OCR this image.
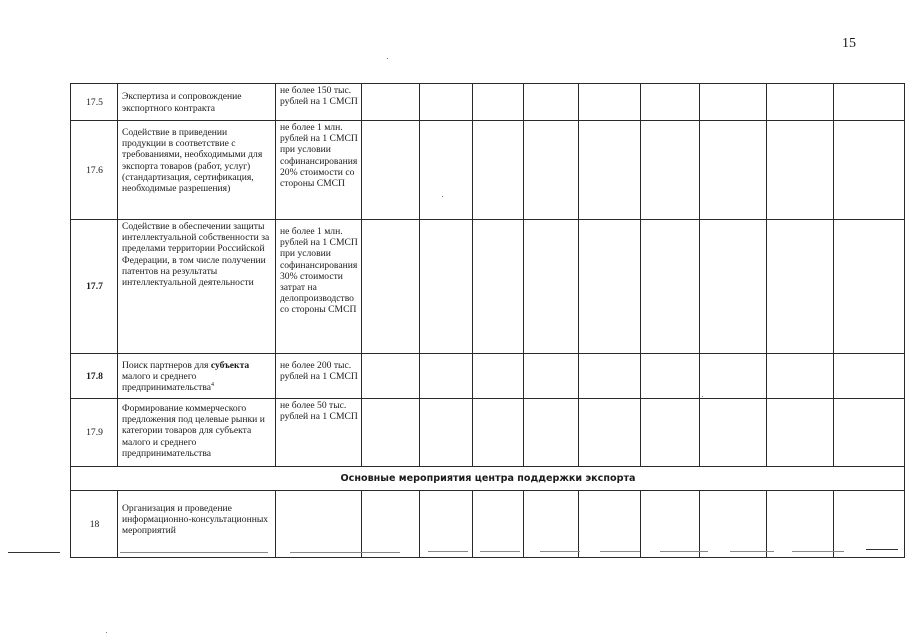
15
17.5	Экспертиза и сопровождение экспортного контракта	не более 150 тыс. рублей на 1 СМСП									
17.6	Содействие в приведении продукции в соответствие с требованиями, необходимыми для экспорта товаров (работ, услуг) (стандартизация, сертификация, необходимые разрешения)	не более 1 млн. рублей на 1 СМСП при условии софинансирования 20% стоимости со стороны СМСП									
17.7	Содействие в обеспечении защиты интеллектуальной собственности за пределами территории Российской Федерации, в том числе получении патентов на результаты интеллектуальной деятельности	не более 1 млн. рублей на 1 СМСП при условии софинансирования 30% стоимости затрат на делопроизводство со стороны СМСП									
17.8	Поиск партнеров для субъекта малого и среднего предпринимательства$^4$	не более 200 тыс. рублей на 1 СМСП									
17.9	Формирование коммерческого предложения под целевые рынки и категории товаров для субъекта малого и среднего предпринимательства	не более 50 тыс. рублей на 1 СМСП									
Основные мероприятия центра поддержки экспорта											
18	Организация и проведение информационно-консультационных мероприятий										
